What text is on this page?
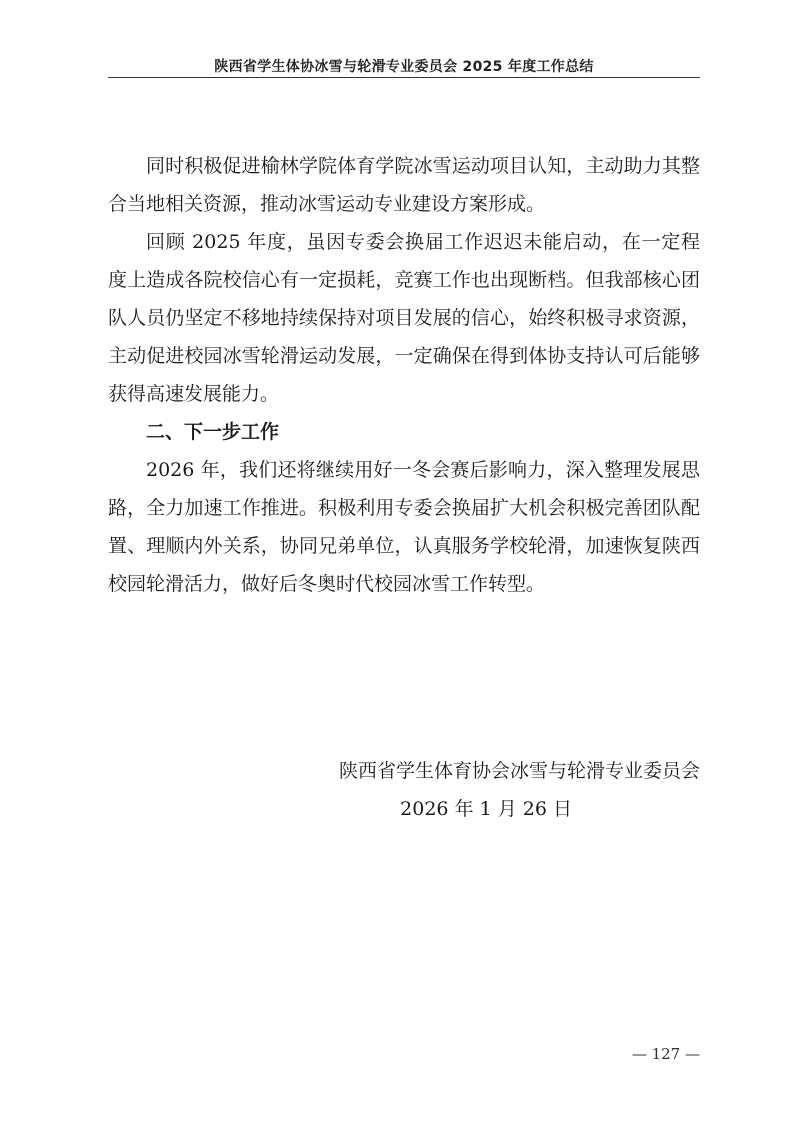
陕西省学生体协冰雪与轮滑专业委员会 2025 年度工作总结

同时积极促进榆林学院体育学院冰雪运动项目认知，主动助力其整合当地相关资源，推动冰雪运动专业建设方案形成。

回顾 2025 年度，虽因专委会换届工作迟迟未能启动，在一定程度上造成各院校信心有一定损耗，竞赛工作也出现断档。但我部核心团队人员仍坚定不移地持续保持对项目发展的信心，始终积极寻求资源，主动促进校园冰雪轮滑运动发展，一定确保在得到体协支持认可后能够获得高速发展能力。

二、下一步工作

2026 年，我们还将继续用好一冬会赛后影响力，深入整理发展思路，全力加速工作推进。积极利用专委会换届扩大机会积极完善团队配置、理顺内外关系，协同兄弟单位，认真服务学校轮滑，加速恢复陕西校园轮滑活力，做好后冬奥时代校园冰雪工作转型。

陕西省学生体育协会冰雪与轮滑专业委员会
2026 年 1 月 26 日
— 127 —
